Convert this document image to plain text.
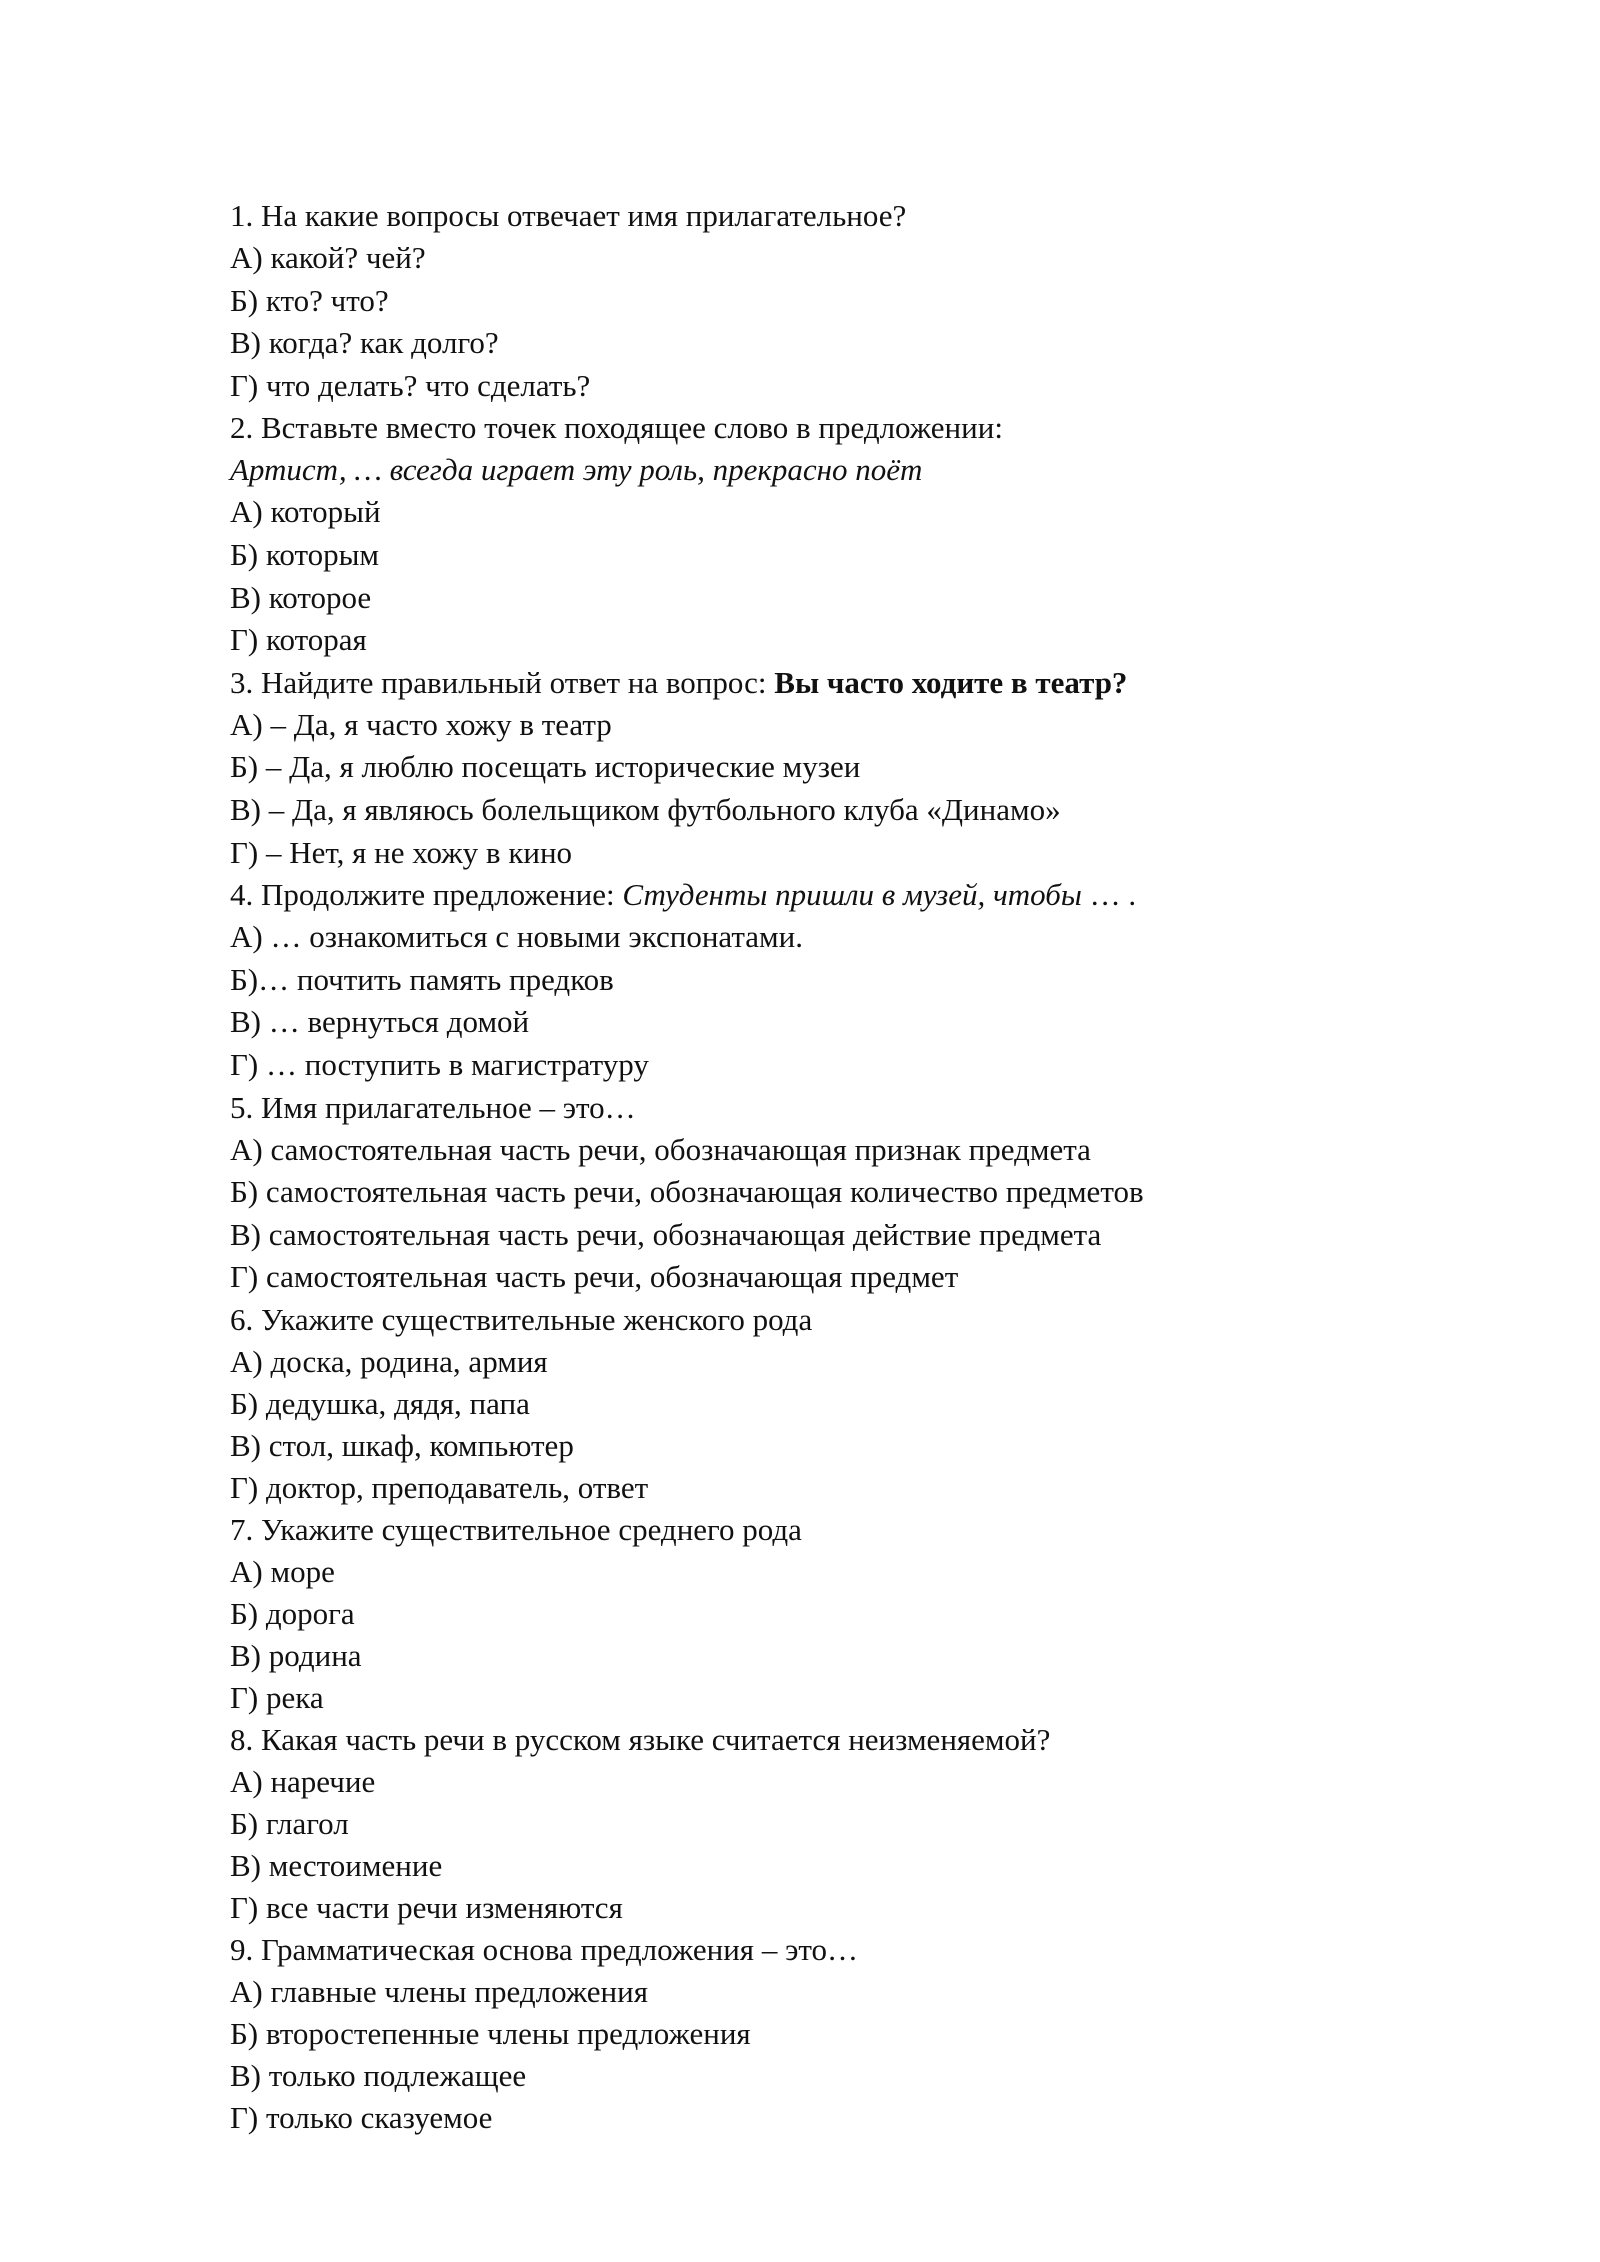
1. На какие вопросы отвечает имя прилагательное?

А) какой? чей?

Б) кто? что?

В) когда? как долго?

Г) что делать? что сделать?

2. Вставьте вместо точек походящее слово в предложении:

Артист, … всегда играет эту роль, прекрасно поёт

А) который

Б) которым

В) которое

Г) которая

3. Найдите правильный ответ на вопрос: Вы часто ходите в театр?

А) – Да, я часто хожу в театр

Б) – Да, я люблю посещать исторические музеи

В) – Да, я являюсь болельщиком футбольного клуба «Динамо»

Г) – Нет, я не хожу в кино

4. Продолжите предложение: Студенты пришли в музей, чтобы … .

А) … ознакомиться с новыми экспонатами.

Б)… почтить память предков

В) … вернуться домой

Г) … поступить в магистратуру

5. Имя прилагательное – это…

А) самостоятельная часть речи, обозначающая признак предмета

Б) самостоятельная часть речи, обозначающая количество предметов

В) самостоятельная часть речи, обозначающая действие предмета

Г) самостоятельная часть речи, обозначающая предмет

6. Укажите существительные женского рода

А) доска, родина, армия

Б) дедушка, дядя, папа

В) стол, шкаф, компьютер

Г) доктор, преподаватель, ответ

7. Укажите существительное среднего рода

А) море

Б) дорога

В) родина

Г) река

8. Какая часть речи в русском языке считается неизменяемой?

А) наречие

Б) глагол

В) местоимение

Г) все части речи изменяются

9. Грамматическая основа предложения – это…

А) главные члены предложения

Б) второстепенные члены предложения

В) только подлежащее

Г) только сказуемое
